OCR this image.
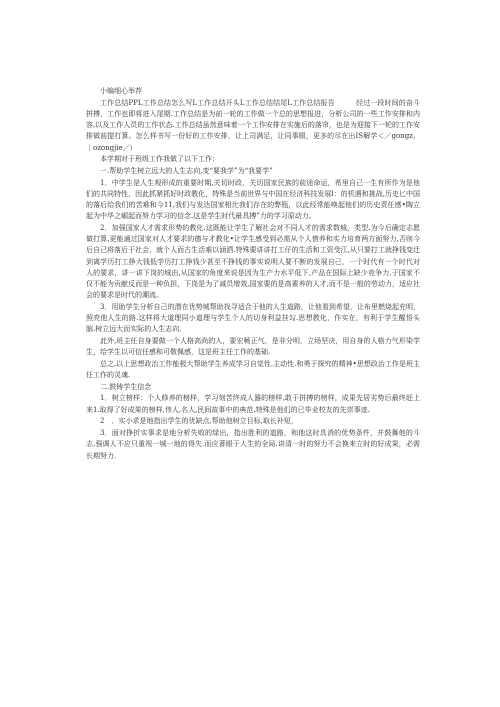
小编细心举荐

工作总结PPL工作总结怎么写L工作总结开头L工作总结结尾L工作总结报告　　　经过一段时间的奋斗拼搏，工作也即将进入尾期.工作总结是为前一轮的工作做一个总的思想报进，分析公司的一些工作安排和内容,以及工作人员的工作状态.工作总结虽然意味着一个工作安排在实施后的落帘，也是为迎接下一轮的工作安排做前提打算。怎么样书写一份好的工作安排，让上司满足，让同事眼，更多的尽在出IS解学＜／gongz，｜ozongjie／）

本学期对于班级工作我做了以下工作：

一.帮助学生树立远大的人生志向,变“要我学”为“我要学”

1．中学生是人生观形成的重要时期,关切时政，关切国家民族的前途命运，希里自己一生有所作为是他们的共同特性，因此抓紧抓好时政教化，特殊是当前世界与中国在经济科技发展l：的机遇和挑战,历史匕中国的落后给我们的苦难和今11,我们与发达国家相比我们存在的弊瓶，以此经常能唤起他们的历史责任感•陶立起为中华之崛起而努力学习的信念.这是学生时代最具搏”力的学习原动力。

2．加强国家人才需求形势的教化.这既能让学生了解社会对不同人才的需求数城，类型.为今后确定志愿做打算,更能通过国家对人才要求的德与才教化•让学生感受到必需从个人惜养和实力培育两方面努力,否则今后自己将落后于社会，就个人而古生活难以涵洒.特殊要讲讲打工仔的生活和工资受江,从只要打工就挣钱变迁到离学历打工挣大钱低学历打工挣钱少甚至不挣钱的事实说明人要不断的发展自己，一个时代有一个时代对人的要求，讲一讲下岗的城由,从国家的角度来说是因为生产力水平低下,产品在国际上缺少竞争力,于国家不仅不能为贡献反而是一种负担，下岗是为了减员增效,国家要的是高素养的人才,而不是一般的劳动力，适应社会的要求是时代的潮流。

3．用助学生分析自己的潜在优势城帮助找寻适合于他的人生道路，让他看到希望，让布里燃烧起充明，照亮他人生的路.这样将大道理同小道理与学生个人的切身利益挂勾.思想教化，作实在，有利于学生醒悟头脑.树立远大而实际的人生志向.

此外,班主任自身要做一个人格高尚的人，要宏畅正气，是非分明，立场坚决，用自身的人格力气形染学生，给学生以可信任感和可敬佩感，这是班主任工作的基础.

总之,以上思想政治工作能极大帮助学生养成学习自觉性.主动性.和勇于探究的精神•思想政治工作是班主任工作的灵魂.

二.鼓铸学生信念

1．树立榜样：个人修养的榜样，学习刻苦终成人器的榜样,敢于拼搏的榜样，成果先居劣势后最终赶上来1.取得了好成果的榜样,伟人,名人,民间故事中的典范.特殊是他们的已毕业校友的先崇事迹.

2　．实小求是地指出学生的优缺点,帮助他树立目标,取长补短，

3．面对挣折实事求是地分析失败的绿出，指出胜利的道路，和他这时具消的优势条件，并鼓舞他的斗志,强调人不应只重视一城一地的得失.而应著眼于人生的全局.讲清一时的努力不会换来立时的好成果，必需长期努力.
